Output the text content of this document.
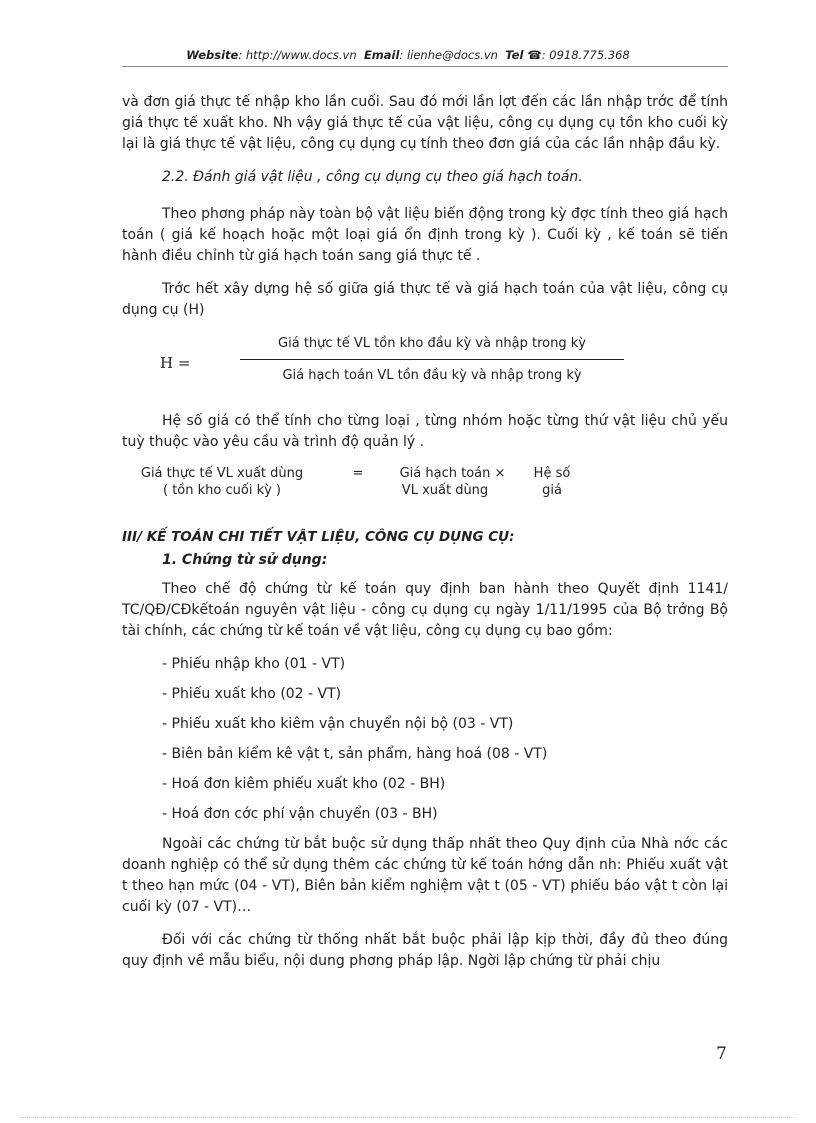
Website: http://www.docs.vn Email: lienhe@docs.vn Tel ☎: 0918.775.368

và đơn giá thực tế nhập kho lần cuối. Sau đó mới lần lợt đến các lần nhập trớc để tính giá thực tế xuất kho. Nh vậy giá thực tế của vật liệu, công cụ dụng cụ tồn kho cuối kỳ lại là giá thực tế vật liệu, công cụ dụng cụ tính theo đơn giá của các lần nhập đầu kỳ.

2.2. Đánh giá vật liệu , công cụ dụng cụ theo giá hạch toán.

Theo phơng pháp này toàn bộ vật liệu biến động trong kỳ đợc tính theo giá hạch toán ( giá kế hoạch hoặc một loại giá ổn định trong kỳ ). Cuối kỳ , kế toán sẽ tiến hành điều chỉnh từ giá hạch toán sang giá thực tế .

Trớc hết xây dựng hệ số giữa giá thực tế và giá hạch toán của vật liệu, công cụ dụng cụ (H)

H =
Giá thực tế VL tồn kho đầu kỳ và nhập trong kỳ
Giá hạch toán VL tồn đầu kỳ và nhập trong kỳ

Hệ số giá có thể tính cho từng loại , từng nhóm hoặc từng thứ vật liệu chủ yếu tuỳ thuộc vào yêu cầu và trình độ quản lý .

Giá thực tế VL xuất dùng
( tồn kho cuối kỳ )
=	Giá hạch toán
VL xuất dùng
×	Hệ số
giá
III/ KẾ TOÁN CHI TIẾT VẬT LIỆU, CÔNG CỤ DỤNG CỤ:
1. Chứng từ sử dụng:

Theo chế độ chứng từ kế toán quy định ban hành theo Quyết định 1141/ TC/QĐ/CĐkếtoán nguyên vật liệu - công cụ dụng cụ ngày 1/11/1995 của Bộ trởng Bộ tài chính, các chứng từ kế toán về vật liệu, công cụ dụng cụ bao gồm:

- Phiếu nhập kho (01 - VT)
- Phiếu xuất kho (02 - VT)
- Phiếu xuất kho kiêm vận chuyển nội bộ (03 - VT)
- Biên bản kiểm kê vật t, sản phẩm, hàng hoá (08 - VT)
- Hoá đơn kiêm phiếu xuất kho (02 - BH)
- Hoá đơn cớc phí vận chuyển (03 - BH)

Ngoài các chứng từ bắt buộc sử dụng thấp nhất theo Quy định của Nhà nớc các doanh nghiệp có thể sử dụng thêm các chứng từ kế toán hớng dẫn nh: Phiếu xuất vật t theo hạn mức (04 - VT), Biên bản kiểm nghiệm vật t (05 - VT) phiếu báo vật t còn lại cuối kỳ (07 - VT)…

Đối với các chứng từ thống nhất bắt buộc phải lập kịp thời, đầy đủ theo đúng quy định về mẫu biểu, nội dung phơng pháp lập. Ngời lập chứng từ phải chịu

7
